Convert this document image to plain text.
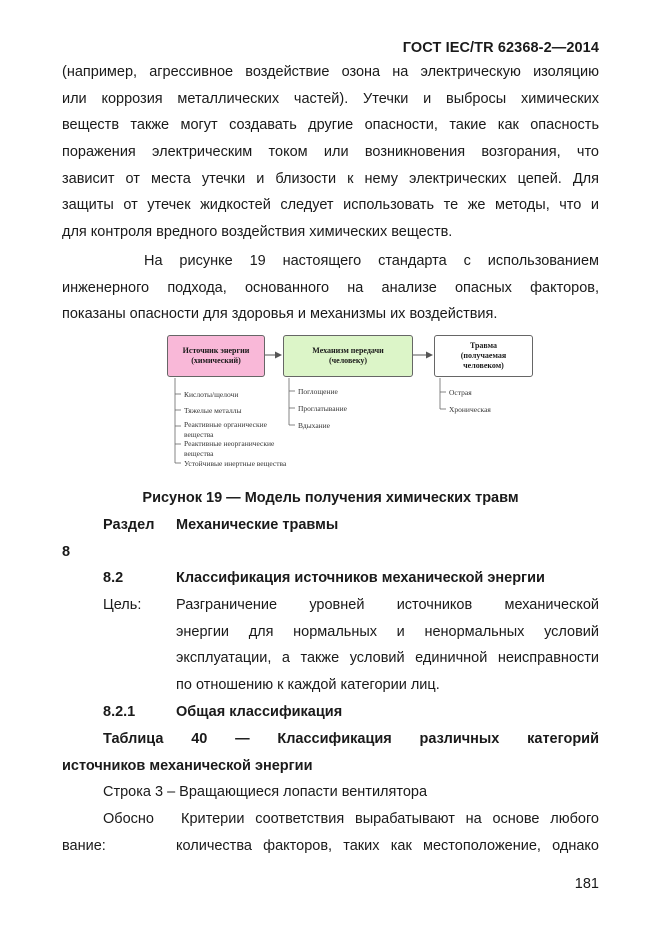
ГОСТ IEC/TR 62368-2—2014
(например, агрессивное воздействие озона на электрическую изоляцию
или коррозия металлических частей). Утечки и выбросы химических
веществ также могут создавать другие опасности, такие как опасность
поражения электрическим током или возникновения возгорания, что
зависит от места утечки и близости к нему электрических цепей. Для
защиты от утечек жидкостей следует использовать те же методы, что и
для контроля вредного воздействия химических веществ.
На рисунке 19 настоящего стандарта с использованием
инженерного подхода, основанного на анализе опасных факторов,
показаны опасности для здоровья и механизмы их воздействия.
Источник энергии
(химический)
Механизм передачи
(человеку)
Травма
(получаемая
человеком)
Кислоты/щелочи
Тяжелые металлы
Реактивные органические
вещества
Реактивные неорганические
вещества
Устойчивые инертные вещества
Поглощение
Проглатывание
Вдыхание
Острая
Хроническая
Рисунок 19 — Модель получения химических травм
Раздел Механические травмы
8
8.2	Классификация источников механической энергии
Цель: Разграничение уровней источников механической
энергии для нормальных и ненормальных условий
эксплуатации, а также условий единичной неисправности
по отношению к каждой категории лиц.
8.2.1	Общая классификация
Таблица 40 — Классификация различных категорий
источников механической энергии
Строка 3 – Вращающиеся лопасти вентилятора
Обосно
вание:
Критерии соответствия вырабатывают на основе любого
количества факторов, таких как местоположение, однако
181
